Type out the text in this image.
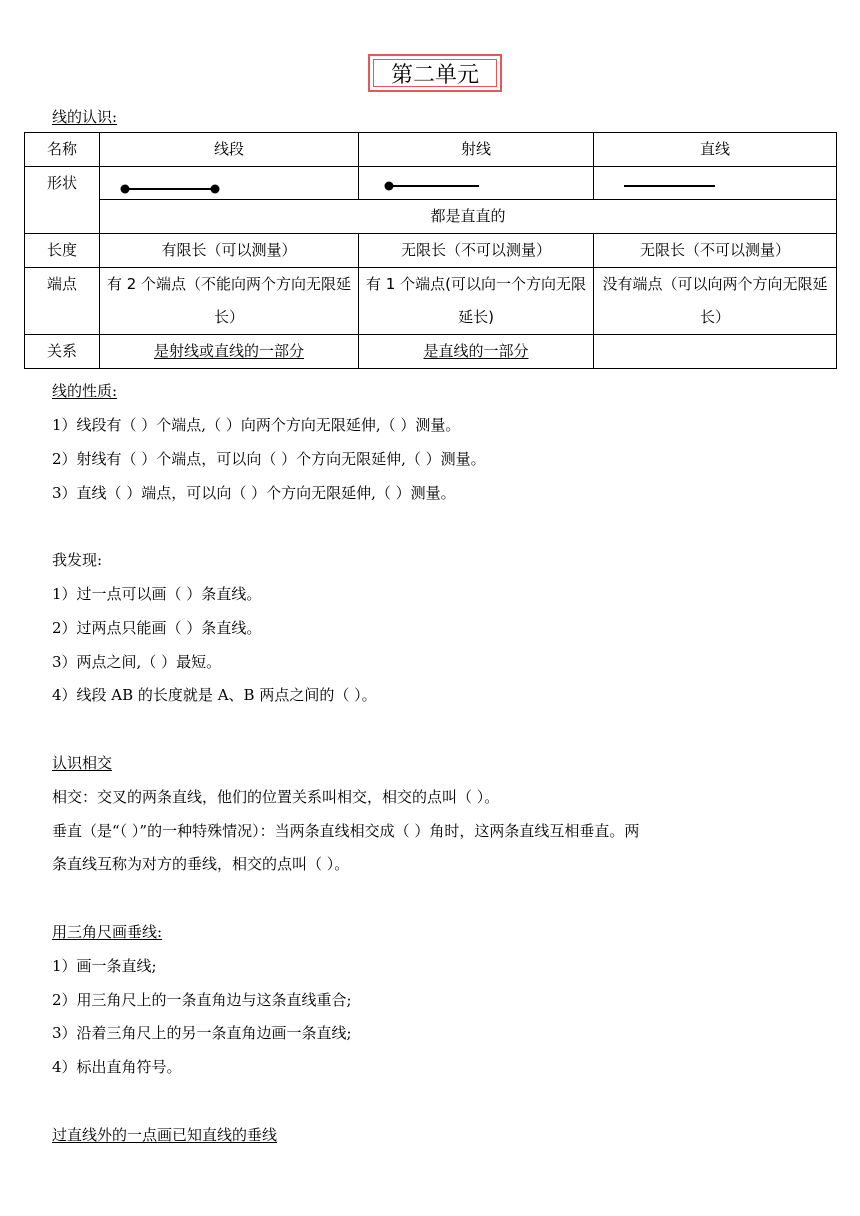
第二单元
线的认识:
名称	线段	射线	直线
形状	

	都是直直的		
长度	有限长（可以测量）	无限长（不可以测量）	无限长（不可以测量）
端点	有 2 个端点（不能向两个方向无限延长）	有 1 个端点(可以向一个方向无限延长)	没有端点（可以向两个方向无限延长）
关系	是射线或直线的一部分	是直线的一部分	
线的性质:
1）线段有（ ）个端点,（ ）向两个方向无限延伸,（ ）测量。
2）射线有（ ）个端点，可以向（ ）个方向无限延伸,（ ）测量。
3）直线（ ）端点，可以向（ ）个方向无限延伸,（ ）测量。
我发现:
1）过一点可以画（ ）条直线。
2）过两点只能画（ ）条直线。
3）两点之间,（ ）最短。
4）线段 AB 的长度就是 A、B 两点之间的（ ）。
认识相交
相交：交叉的两条直线，他们的位置关系叫相交，相交的点叫（ ）。
垂直（是“（ ）”的一种特殊情况）：当两条直线相交成（ ）角时，这两条直线互相垂直。两
条直线互称为对方的垂线，相交的点叫（ ）。
用三角尺画垂线:
1）画一条直线;
2）用三角尺上的一条直角边与这条直线重合;
3）沿着三角尺上的另一条直角边画一条直线;
4）标出直角符号。
过直线外的一点画已知直线的垂线
